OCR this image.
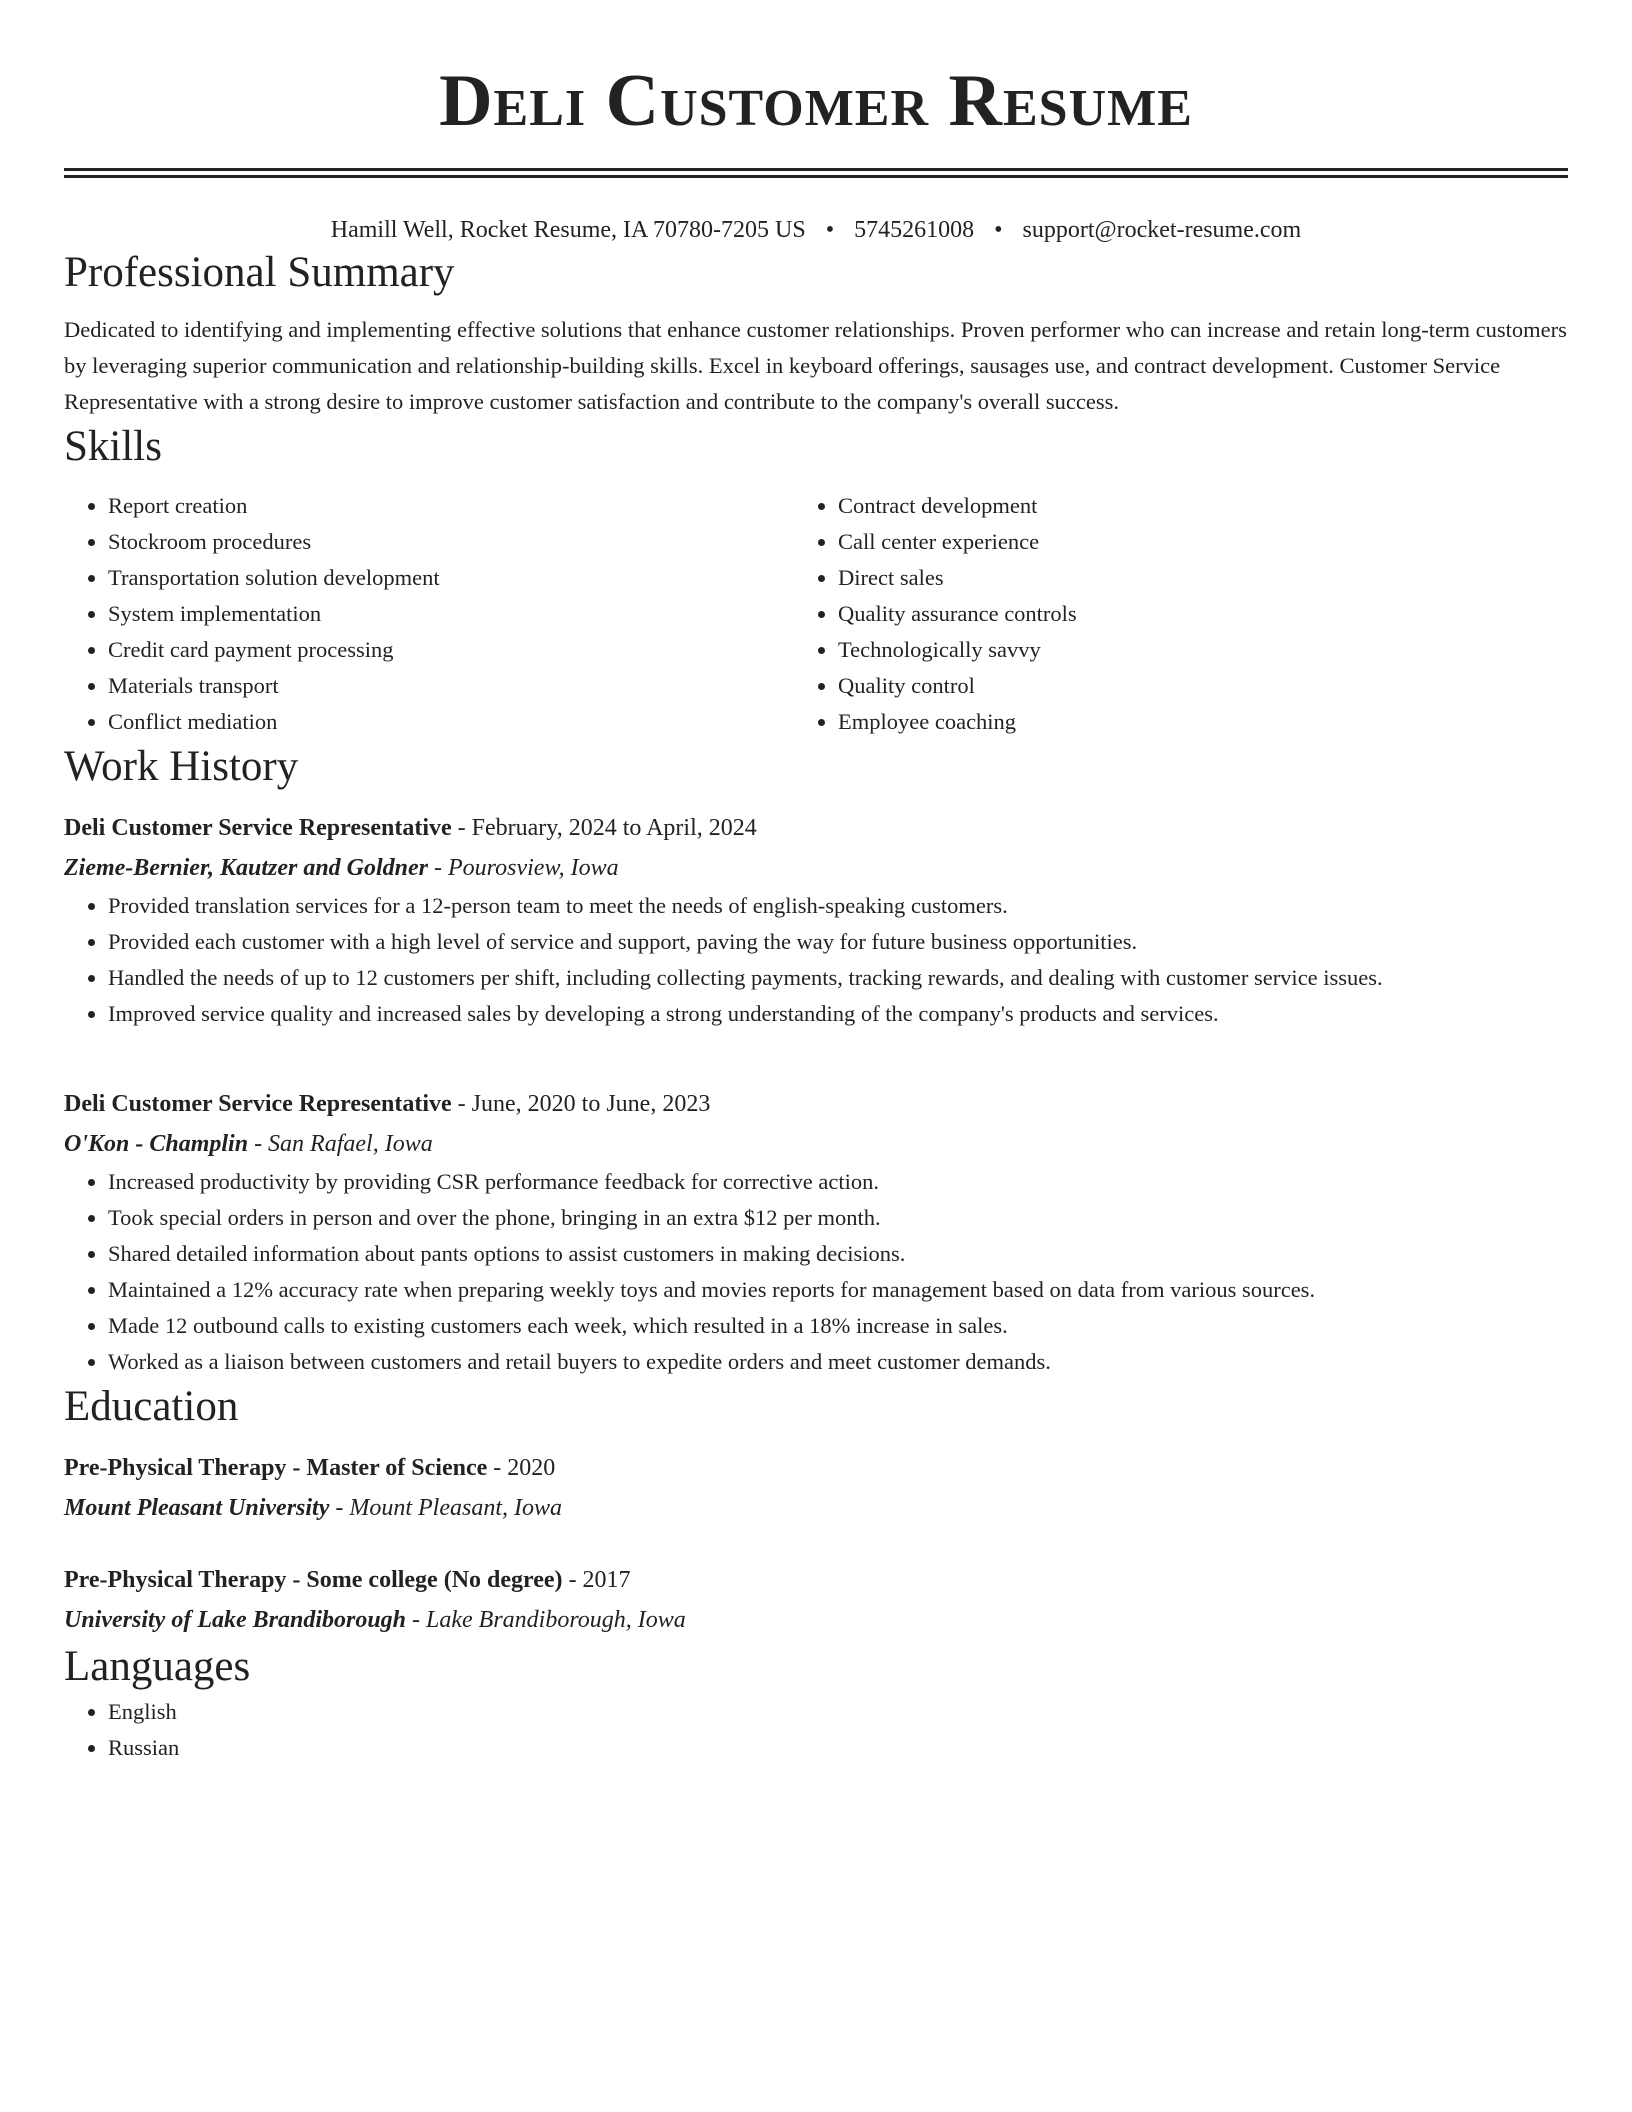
Deli Customer Resume
Hamill Well, Rocket Resume, IA 70780-7205 US • 5745261008 • support@rocket-resume.com
Professional Summary

Dedicated to identifying and implementing effective solutions that enhance customer relationships. Proven performer who can increase and retain long-term customers by leveraging superior communication and relationship-building skills. Excel in keyboard offerings, sausages use, and contract development. Customer Service Representative with a strong desire to improve customer satisfaction and contribute to the company's overall success.

Skills
• Report creation
• Stockroom procedures
• Transportation solution development
• System implementation
• Credit card payment processing
• Materials transport
• Conflict mediation
• Contract development
• Call center experience
• Direct sales
• Quality assurance controls
• Technologically savvy
• Quality control
• Employee coaching
Work History
Deli Customer Service Representative - February, 2024 to April, 2024
Zieme-Bernier, Kautzer and Goldner - Pourosview, Iowa
• Provided translation services for a 12-person team to meet the needs of english-speaking customers.
• Provided each customer with a high level of service and support, paving the way for future business opportunities.
• Handled the needs of up to 12 customers per shift, including collecting payments, tracking rewards, and dealing with customer service issues.
• Improved service quality and increased sales by developing a strong understanding of the company's products and services.
Deli Customer Service Representative - June, 2020 to June, 2023
O'Kon - Champlin - San Rafael, Iowa
• Increased productivity by providing CSR performance feedback for corrective action.
• Took special orders in person and over the phone, bringing in an extra $12 per month.
• Shared detailed information about pants options to assist customers in making decisions.
• Maintained a 12% accuracy rate when preparing weekly toys and movies reports for management based on data from various sources.
• Made 12 outbound calls to existing customers each week, which resulted in a 18% increase in sales.
• Worked as a liaison between customers and retail buyers to expedite orders and meet customer demands.
Education
Pre-Physical Therapy - Master of Science - 2020
Mount Pleasant University - Mount Pleasant, Iowa
Pre-Physical Therapy - Some college (No degree) - 2017
University of Lake Brandiborough - Lake Brandiborough, Iowa
Languages
• English
• Russian
